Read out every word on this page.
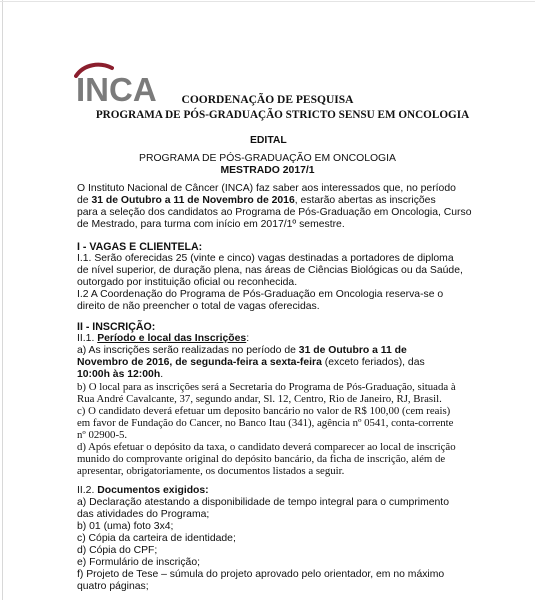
INCA	COORDENAÇÃO DE PESQUISA
PROGRAMA DE PÓS-GRADUAÇÃO STRICTO SENSU EM ONCOLOGIA
EDITAL
PROGRAMA DE PÓS-GRADUAÇÃO EM ONCOLOGIA
MESTRADO 2017/1
O Instituto Nacional de Câncer (INCA) faz saber aos interessados que, no período
de 31 de Outubro a 11 de Novembro de 2016, estarão abertas as inscrições
para a seleção dos candidatos ao Programa de Pós-Graduação em Oncologia, Curso
de Mestrado, para turma com início em 2017/1º semestre.
I - VAGAS E CLIENTELA:
I.1. Serão oferecidas 25 (vinte e cinco) vagas destinadas a portadores de diploma
de nível superior, de duração plena, nas áreas de Ciências Biológicas ou da Saúde,
outorgado por instituição oficial ou reconhecida.
I.2 A Coordenação do Programa de Pós-Graduação em Oncologia reserva-se o
direito de não preencher o total de vagas oferecidas.
II - INSCRIÇÃO:
II.1. Período e local das Inscrições:
a) As inscrições serão realizadas no período de 31 de Outubro a 11 de
Novembro de 2016, de segunda-feira a sexta-feira (exceto feriados), das
10:00h às 12:00h.
b) O local para as inscrições será a Secretaria do Programa de Pós-Graduação, situada à
Rua André Cavalcante, 37, segundo andar, Sl. 12, Centro, Rio de Janeiro, RJ, Brasil.
c) O candidato deverá efetuar um deposito bancário no valor de R$ 100,00 (cem reais)
em favor de Fundação do Cancer, no Banco Itau (341), agência nº 0541, conta-corrente
nº 02900-5.
d) Após efetuar o depósito da taxa, o candidato deverá comparecer ao local de inscrição
munido do comprovante original do depósito bancário, da ficha de inscrição, além de
apresentar, obrigatoriamente, os documentos listados a seguir.
II.2. Documentos exigidos:
a) Declaração atestando a disponibilidade de tempo integral para o cumprimento
das atividades do Programa;
b) 01 (uma) foto 3x4;
c) Cópia da carteira de identidade;
d) Cópia do CPF;
e) Formulário de inscrição;
f) Projeto de Tese – súmula do projeto aprovado pelo orientador, em no máximo
quatro páginas;
